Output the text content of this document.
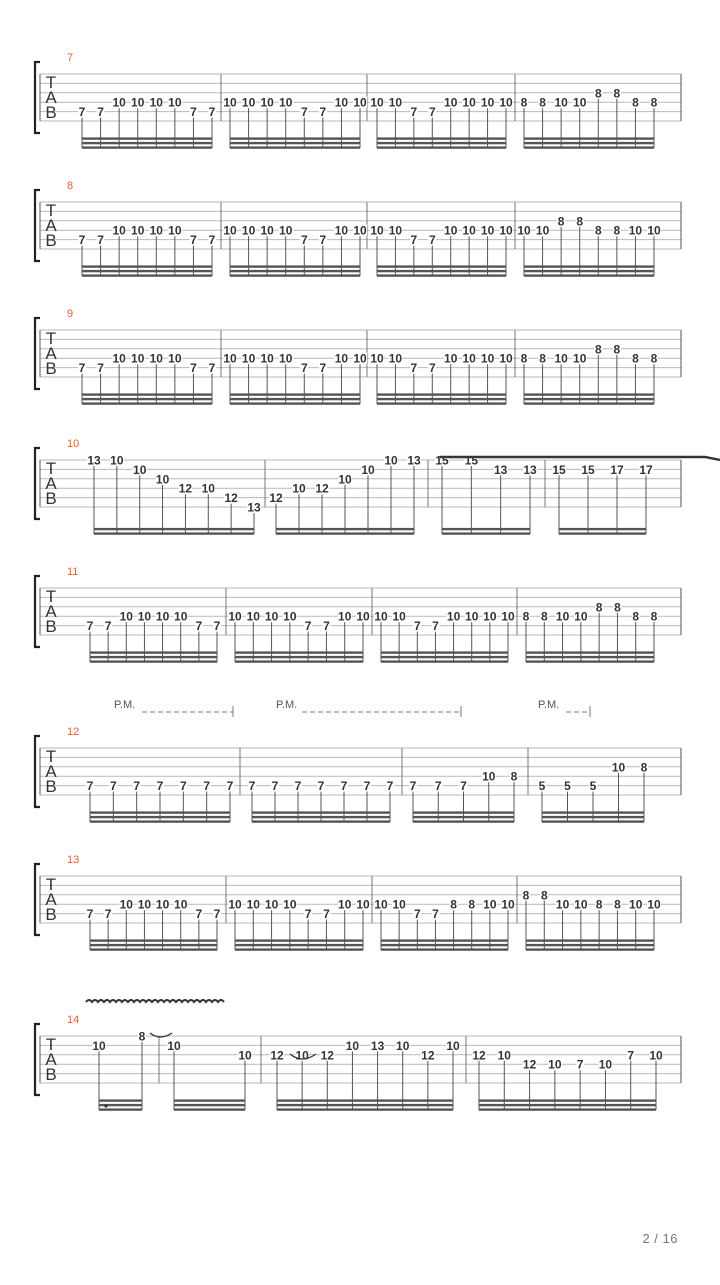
T
A
B
7
7 7
10 10 10 10
7 7
10 10 10 10
7 7
10 10 10 10
7 7
10 10 10 10 8 8 10 10
8 8
8 8
T
A
B
8
7 7
10 10 10 10
7 7
10 10 10 10
7 7
10 10 10 10
7 7
10 10 10 10 10 10
8 8
8 8 10 10
T
A
B
9
7 7
10 10 10 10
7 7
10 10 10 10
7 7
10 10 10 10
7 7
10 10 10 10 8 8 10 10
8 8
8 8
T
A
B
10
13 10
10
10
12 10
12
13
12
10 12
10
10
10 13 15 15
13 13 15 15 17 17
T
A
B
11
7 7
10 10 10 10
7 7
10 10 10 10
7 7
10 10 10 10
7 7
10 10 10 10 8 8 10 10
8 8
8 8
T
A
B
12
7 7 7 7 7 7 7 7 7 7 7 7 7 7 7 7 7
10 8
5 5 5
10 8
P.M.	P.M.	P.M.
T
A
B
13
7 7
10 10 10 10
7 7
10 10 10 10
7 7
10 10 10 10
7 7
8 8 10 10
8 8
10 10 8 8 10 10
T
A
B
14
10
8
10
10 12 10 12
10 13 10
12
10
12 10
12 10 7 10
7 10
2 / 16
